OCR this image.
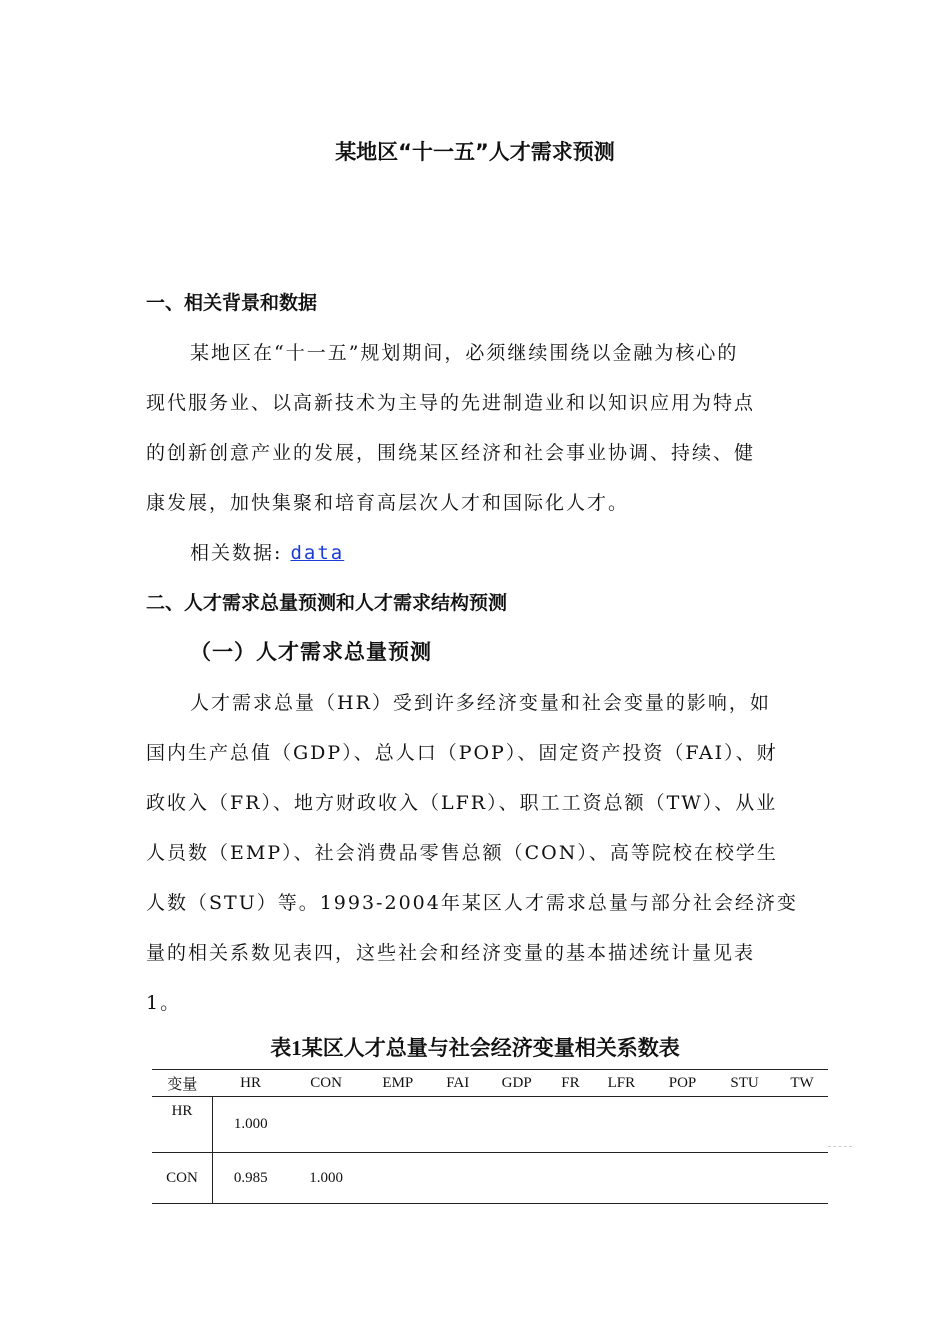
某地区“十一五”人才需求预测
一、相关背景和数据
某地区在“十一五”规划期间，必须继续围绕以金融为核心的
现代服务业、以高新技术为主导的先进制造业和以知识应用为特点
的创新创意产业的发展，围绕某区经济和社会事业协调、持续、健
康发展，加快集聚和培育高层次人才和国际化人才。
相关数据: data
二、人才需求总量预测和人才需求结构预测
（一）人才需求总量预测
人才需求总量（HR）受到许多经济变量和社会变量的影响，如
国内生产总值（GDP）、总人口（POP）、固定资产投资（FAI）、财
政收入（FR）、地方财政收入（LFR）、职工工资总额（TW）、从业
人员数（EMP）、社会消费品零售总额（CON）、高等院校在校学生
人数（STU）等。1993-2004年某区人才需求总量与部分社会经济变
量的相关系数见表四，这些社会和经济变量的基本描述统计量见表
1。
表1某区人才总量与社会经济变量相关系数表
变量	HR	CON	EMP	FAI	GDP	FR	LFR	POP	STU	TW
HR	1.000									
CON	0.985	1.000								
